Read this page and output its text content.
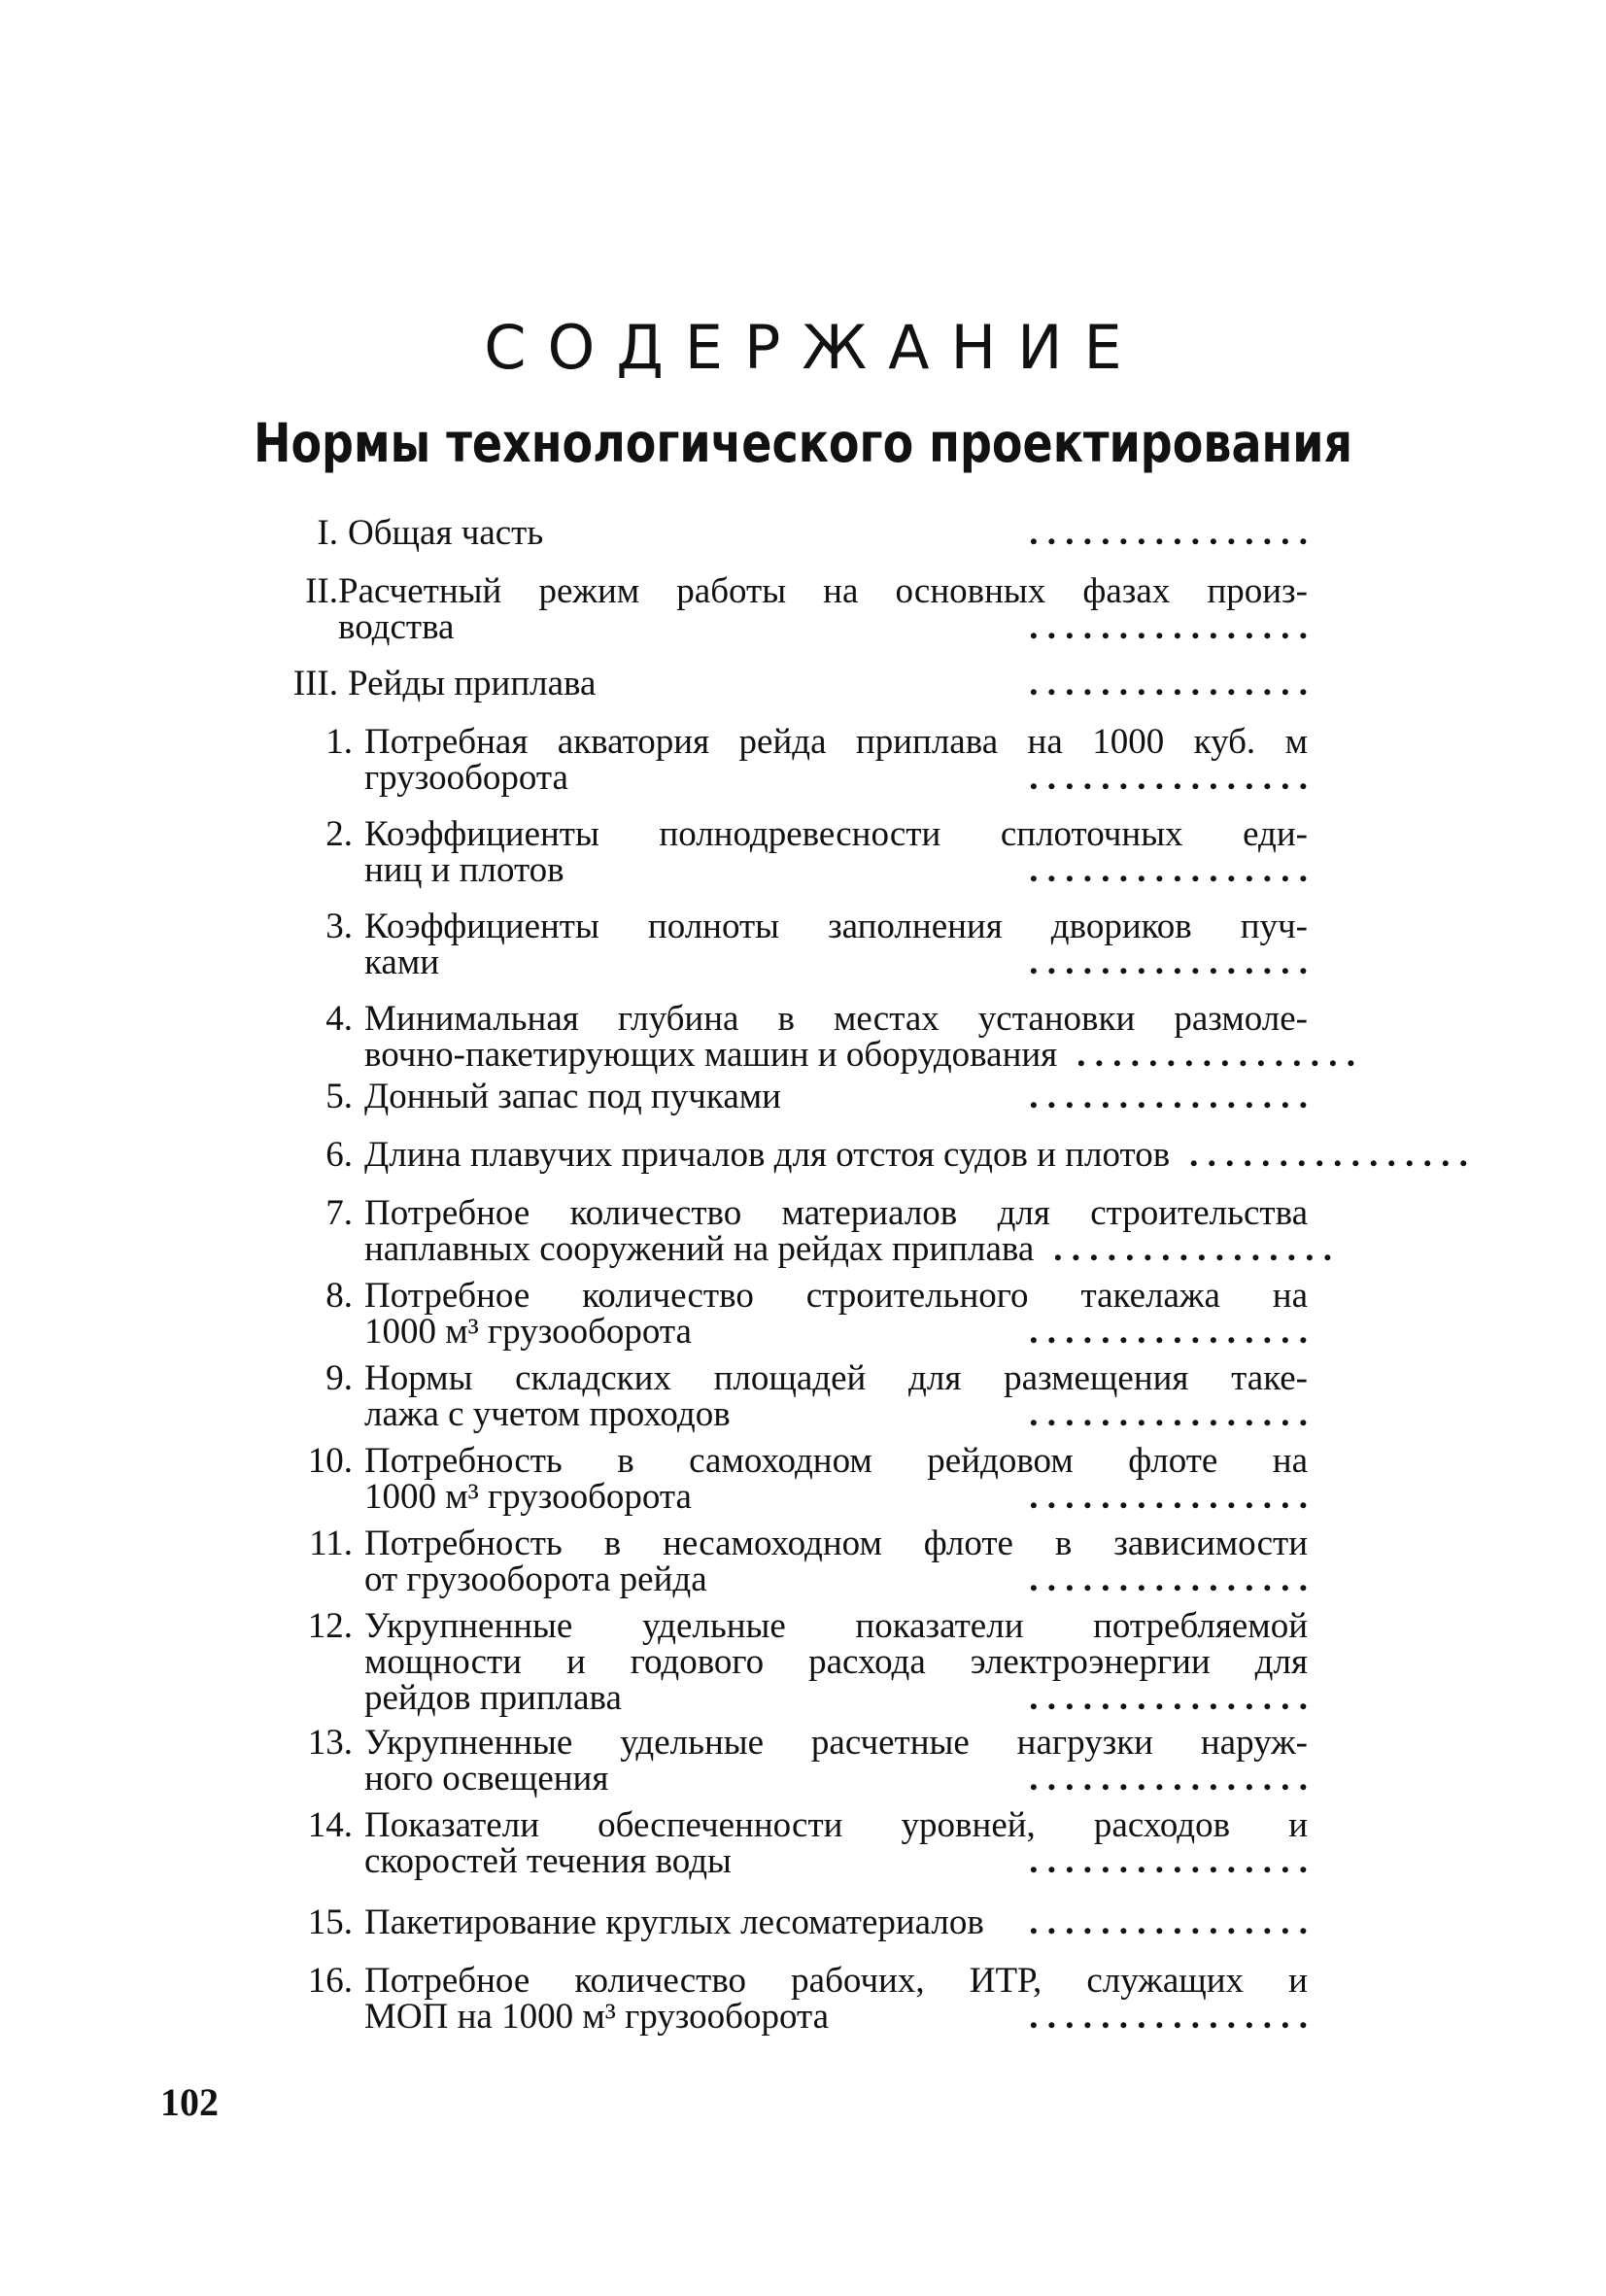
СОДЕРЖАНИЕ
Нормы технологического проектирования
I. Общая часть	. . . . . . . . . . . . . . . .
II. Расчетный режим работы на основных фазах произ-
водства	. . . . . . . . . . . . . . . .
III. Рейды приплава	. . . . . . . . . . . . . . . .
1. Потребная акватория рейда приплава на 1000 куб. м
грузооборота	. . . . . . . . . . . . . . . .
2. Коэффициенты полнодревесности сплоточных еди-
ниц и плотов	. . . . . . . . . . . . . . . .
3. Коэффициенты полноты заполнения двориков пуч-
ками	. . . . . . . . . . . . . . . .
4. Минимальная глубина в местах установки размоле-
вочно-пакетирующих машин и оборудования . . . . . . . . . . . . . . . .
5. Донный запас под пучками	. . . . . . . . . . . . . . . .
6. Длина плавучих причалов для отстоя судов и плотов . . . . . . . . . . . . . . . .
7. Потребное количество материалов для строительства
наплавных сооружений на рейдах приплава . . . . . . . . . . . . . . . .
8. Потребное количество строительного такелажа на
1000 м³ грузооборота	. . . . . . . . . . . . . . . .
9. Нормы складских площадей для размещения таке-
лажа с учетом проходов	. . . . . . . . . . . . . . . .
10. Потребность в самоходном рейдовом флоте на
1000 м³ грузооборота	. . . . . . . . . . . . . . . .
11. Потребность в несамоходном флоте в зависимости
от грузооборота рейда	. . . . . . . . . . . . . . . .
12. Укрупненные удельные показатели потребляемой
мощности и годового расхода электроэнергии для
рейдов приплава	. . . . . . . . . . . . . . . .
13. Укрупненные удельные расчетные нагрузки наруж-
ного освещения	. . . . . . . . . . . . . . . .
14. Показатели обеспеченности уровней, расходов и
скоростей течения воды	. . . . . . . . . . . . . . . .
15. Пакетирование круглых лесоматериалов	. . . . . . . . . . . . . . . .
16. Потребное количество рабочих, ИТР, служащих и
МОП на 1000 м³ грузооборота	. . . . . . . . . . . . . . . .
102
